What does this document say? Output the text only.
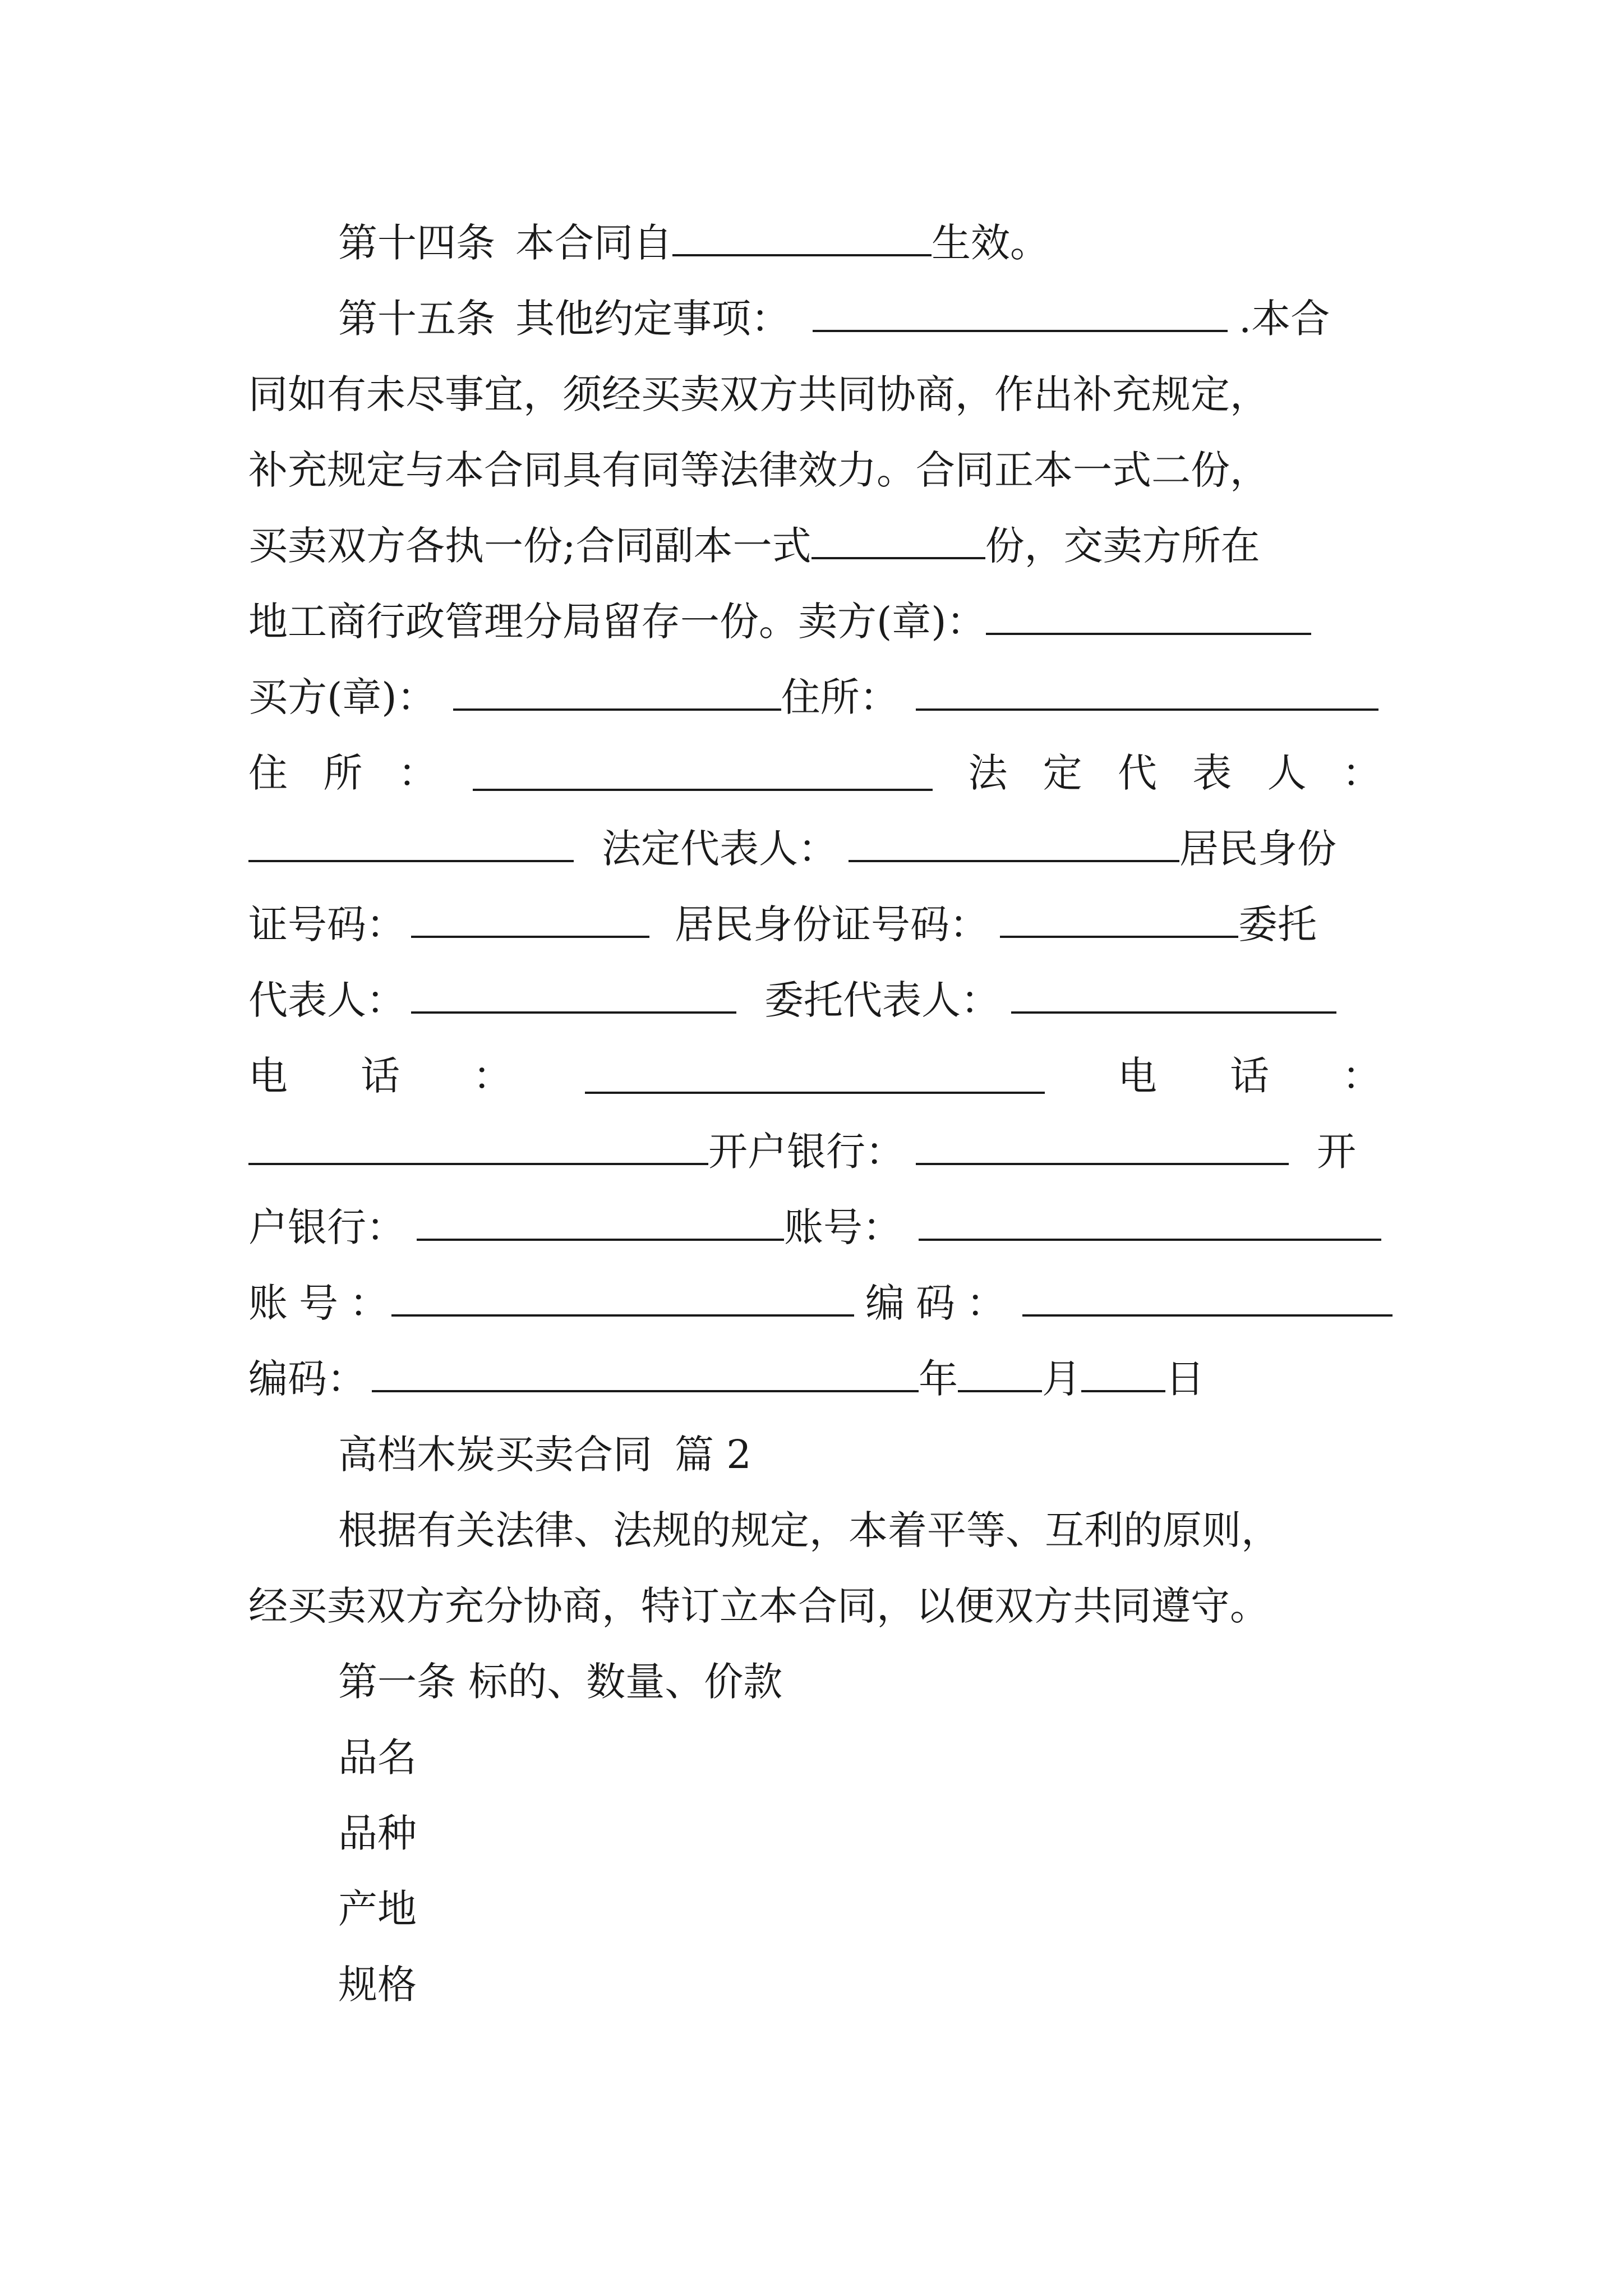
第十四条 本合同自	生效。
第十五条 其他约定事项：	.本合
同如有未尽事宜，须经买卖双方共同协商，作出补充规定，
补充规定与本合同具有同等法律效力。合同正本一式二份，
买卖双方各执一份;合同副本一式	份，交卖方所在
地工商行政管理分局留存一份。卖方(章)：
买方(章)：	住所：
住 所 ：	法 定 代 表 人 ：
法定代表人：	居民身份
证号码：	居民身份证号码：	委托
代表人：	委托代表人：
电 话 ：	电 话 ：
开户银行：	开
户银行：	账号：
账 号 ：	编 码 ：
编码：	年 月 日
高档木炭买卖合同 篇 2
根据有关法律、法规的规定，本着平等、互利的原则，
经买卖双方充分协商，特订立本合同，以便双方共同遵守。
第一条 标的、数量、价款
品名
品种
产地
规格
